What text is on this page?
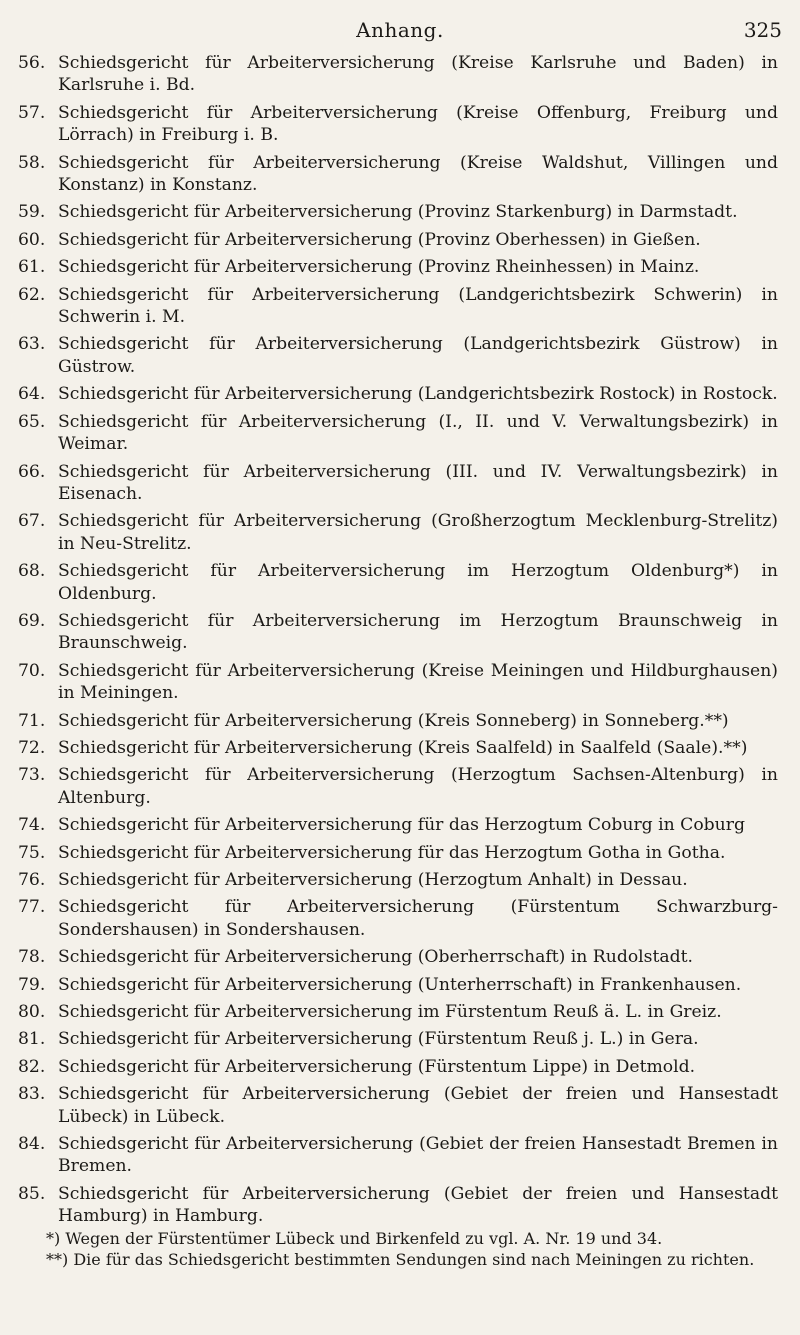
Anhang.	325
56. Schiedsgericht für Arbeiterversicherung (Kreise Karlsruhe und Baden) in Karlsruhe i. Bd.
57. Schiedsgericht für Arbeiterversicherung (Kreise Offenburg, Freiburg und Lörrach) in Freiburg i. B.
58. Schiedsgericht für Arbeiterversicherung (Kreise Waldshut, Villingen und Konstanz) in Konstanz.
59. Schiedsgericht für Arbeiterversicherung (Provinz Starkenburg) in Darmstadt.
60. Schiedsgericht für Arbeiterversicherung (Provinz Oberhessen) in Gießen.
61. Schiedsgericht für Arbeiterversicherung (Provinz Rheinhessen) in Mainz.
62. Schiedsgericht für Arbeiterversicherung (Landgerichtsbezirk Schwerin) in Schwerin i. M.
63. Schiedsgericht für Arbeiterversicherung (Landgerichtsbezirk Güstrow) in Güstrow.
64. Schiedsgericht für Arbeiterversicherung (Landgerichtsbezirk Rostock) in Rostock.
65. Schiedsgericht für Arbeiterversicherung (I., II. und V. Verwaltungsbezirk) in Weimar.
66. Schiedsgericht für Arbeiterversicherung (III. und IV. Verwaltungsbezirk) in Eisenach.
67. Schiedsgericht für Arbeiterversicherung (Großherzogtum Mecklenburg-Strelitz) in Neu-Strelitz.
68. Schiedsgericht für Arbeiterversicherung im Herzogtum Oldenburg*) in Oldenburg.
69. Schiedsgericht für Arbeiterversicherung im Herzogtum Braunschweig in Braunschweig.
70. Schiedsgericht für Arbeiterversicherung (Kreise Meiningen und Hildburghausen) in Meiningen.
71. Schiedsgericht für Arbeiterversicherung (Kreis Sonneberg) in Sonneberg.**)
72. Schiedsgericht für Arbeiterversicherung (Kreis Saalfeld) in Saalfeld (Saale).**)
73. Schiedsgericht für Arbeiterversicherung (Herzogtum Sachsen-Altenburg) in Altenburg.
74. Schiedsgericht für Arbeiterversicherung für das Herzogtum Coburg in Coburg
75. Schiedsgericht für Arbeiterversicherung für das Herzogtum Gotha in Gotha.
76. Schiedsgericht für Arbeiterversicherung (Herzogtum Anhalt) in Dessau.
77. Schiedsgericht für Arbeiterversicherung (Fürstentum Schwarzburg-Sondershausen) in Sondershausen.
78. Schiedsgericht für Arbeiterversicherung (Oberherrschaft) in Rudolstadt.
79. Schiedsgericht für Arbeiterversicherung (Unterherrschaft) in Frankenhausen.
80. Schiedsgericht für Arbeiterversicherung im Fürstentum Reuß ä. L. in Greiz.
81. Schiedsgericht für Arbeiterversicherung (Fürstentum Reuß j. L.) in Gera.
82. Schiedsgericht für Arbeiterversicherung (Fürstentum Lippe) in Detmold.
83. Schiedsgericht für Arbeiterversicherung (Gebiet der freien und Hansestadt Lübeck) in Lübeck.
84. Schiedsgericht für Arbeiterversicherung (Gebiet der freien Hansestadt Bremen in Bremen.
85. Schiedsgericht für Arbeiterversicherung (Gebiet der freien und Hansestadt Hamburg) in Hamburg.
*) Wegen der Fürstentümer Lübeck und Birkenfeld zu vgl. A. Nr. 19 und 34.
**) Die für das Schiedsgericht bestimmten Sendungen sind nach Meiningen zu richten.
